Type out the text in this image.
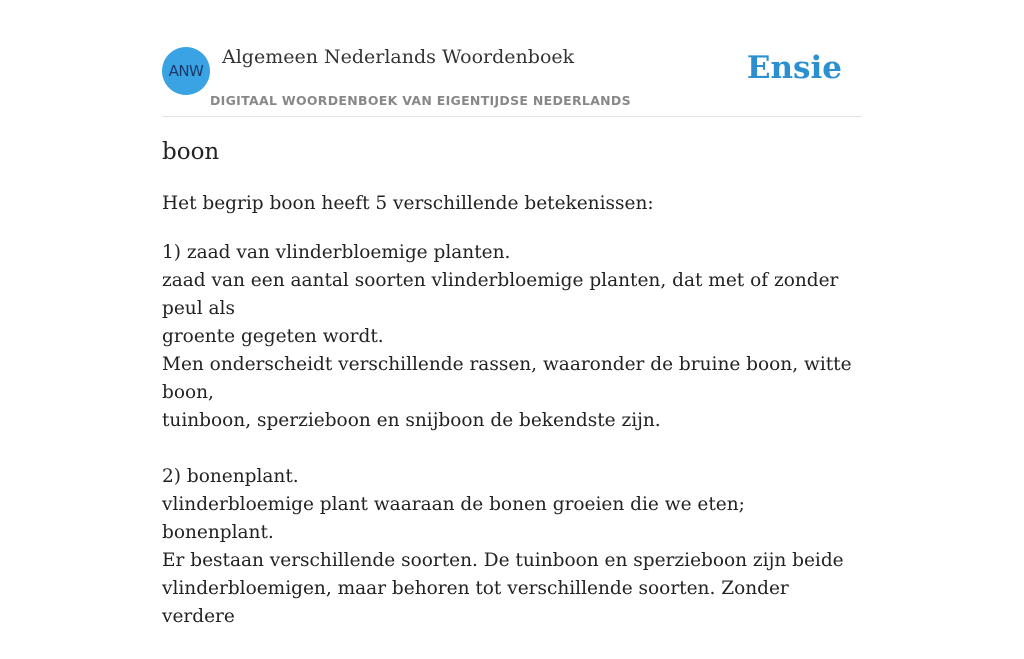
ANW
Algemeen Nederlands Woordenboek
DIGITAAL WOORDENBOEK VAN EIGENTIJDSE NEDERLANDS
Ensie
boon

Het begrip boon heeft 5 verschillende betekenissen:

1) zaad van vlinderbloemige planten.
zaad van een aantal soorten vlinderbloemige planten, dat met of zonder peul als
groente gegeten wordt.
Men onderscheidt verschillende rassen, waaronder de bruine boon, witte boon,
tuinboon, sperzieboon en snijboon de bekendste zijn.
2) bonenplant.
vlinderbloemige plant waaraan de bonen groeien die we eten; bonenplant.
Er bestaan verschillende soorten. De tuinboon en sperzieboon zijn beide
vlinderbloemigen, maar behoren tot verschillende soorten. Zonder verdere
